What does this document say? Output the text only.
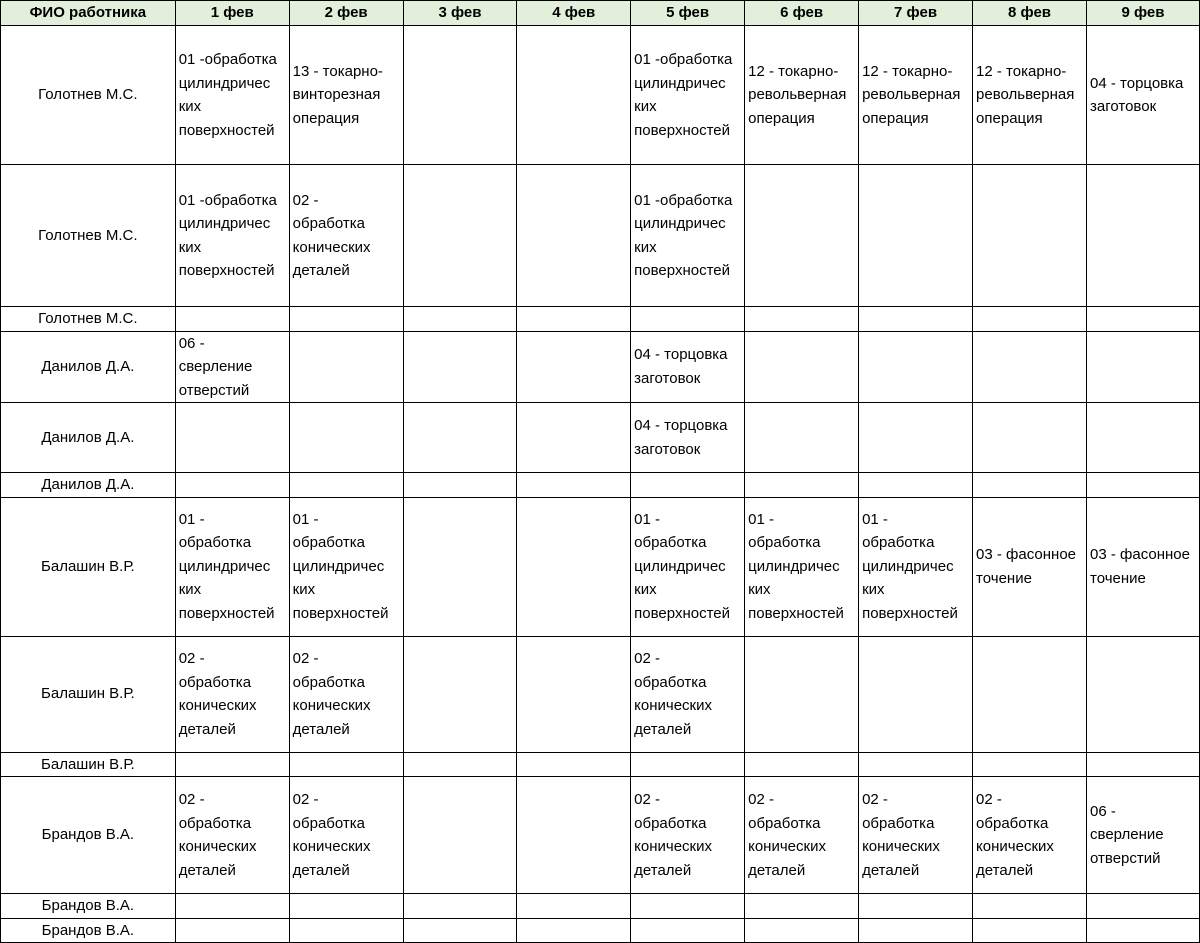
ФИО работника	1 фев	2 фев	3 фев	4 фев	5 фев	6 фев	7 фев	8 фев	9 фев
Голотнев М.С.	01 -обработка
цилиндричес
ких
поверхностей	13 - токарно-
винторезная
операция			01 -обработка
цилиндричес
ких
поверхностей	12 - токарно-
револьверная
операция	12 - токарно-
револьверная
операция	12 - токарно-
револьверная
операция	04 - торцовка
заготовок

Голотнев М.С.	01 -обработка
цилиндричес
ких
поверхностей	02 -
обработка
конических
деталей			01 -обработка
цилиндричес
ких
поверхностей				

Голотнев М.С.	

Данилов Д.А.	06 -
сверление
отверстий				04 - торцовка
заготовок				

Данилов Д.А.					04 - торцовка
заготовок				

Данилов Д.А.	

Балашин В.Р.	01 -
обработка
цилиндричес
ких
поверхностей	01 -
обработка
цилиндричес
ких
поверхностей			01 -
обработка
цилиндричес
ких
поверхностей	01 -
обработка
цилиндричес
ких
поверхностей	01 -
обработка
цилиндричес
ких
поверхностей	03 - фасонное
точение	03 - фасонное
точение

Балашин В.Р.	02 -
обработка
конических
деталей	02 -
обработка
конических
деталей			02 -
обработка
конических
деталей				

Балашин В.Р.	

Брандов В.А.	02 -
обработка
конических
деталей	02 -
обработка
конических
деталей			02 -
обработка
конических
деталей	02 -
обработка
конических
деталей	02 -
обработка
конических
деталей	02 -
обработка
конических
деталей	06 -
сверление
отверстий

Брандов В.А.	

Брандов В.А.	
